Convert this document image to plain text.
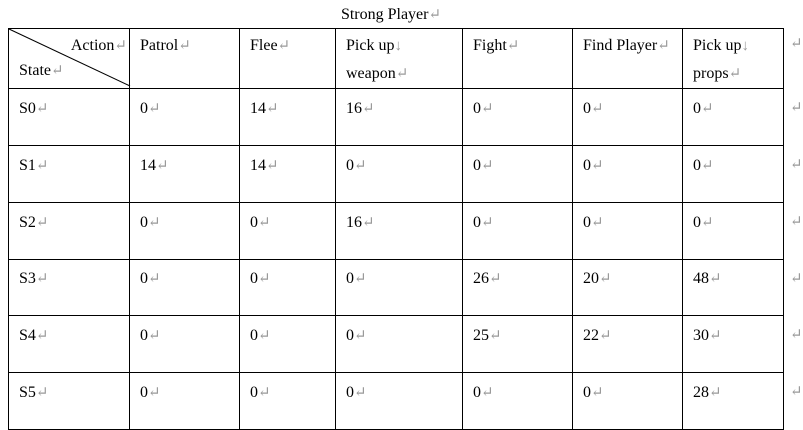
Strong Player↵
Action↵
State↵	Patrol↵	Flee↵	Pick up↓
weapon↵	Fight↵	Find Player↵	Pick up↓
props↵
S0↵	0↵	14↵	16↵	0↵	0↵	0↵
S1↵	14↵	14↵	0↵	0↵	0↵	0↵
S2↵	0↵	0↵	16↵	0↵	0↵	0↵
S3↵	0↵	0↵	0↵	26↵	20↵	48↵
S4↵	0↵	0↵	0↵	25↵	22↵	30↵
S5↵	0↵	0↵	0↵	0↵	0↵	28↵
↵
↵
↵
↵
↵
↵
↵
